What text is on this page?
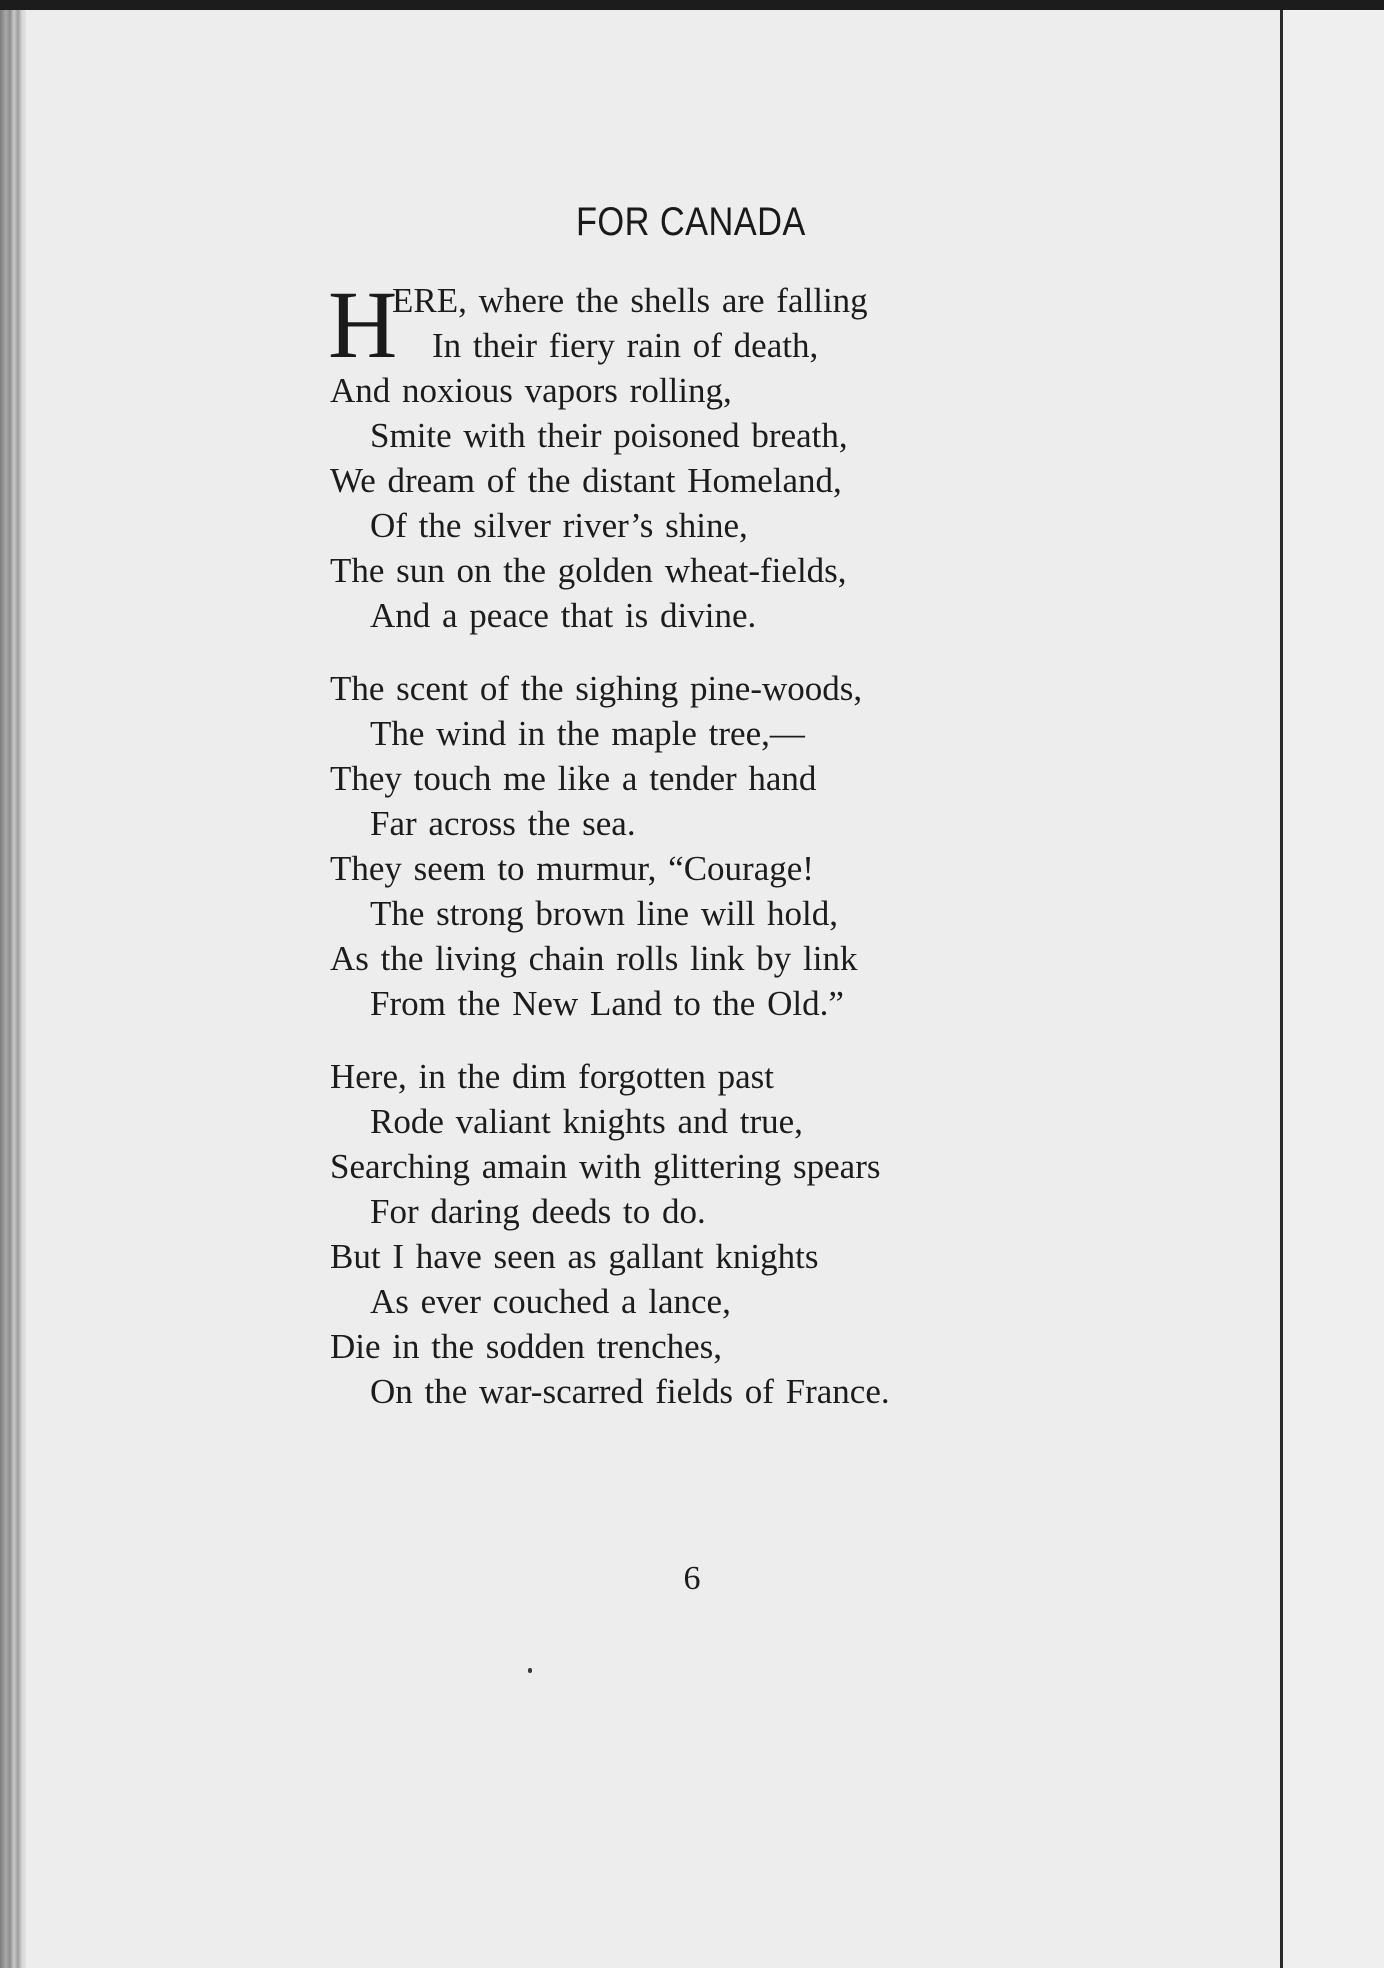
FOR CANADA
H
ERE, where the shells are falling
In their fiery rain of death,
And noxious vapors rolling,
Smite with their poisoned breath,
We dream of the distant Homeland,
Of the silver river’s shine,
The sun on the golden wheat-fields,
And a peace that is divine.
The scent of the sighing pine-woods,
The wind in the maple tree,—
They touch me like a tender hand
Far across the sea.
They seem to murmur, “Courage!
The strong brown line will hold,
As the living chain rolls link by link
From the New Land to the Old.”
Here, in the dim forgotten past
Rode valiant knights and true,
Searching amain with glittering spears
For daring deeds to do.
But I have seen as gallant knights
As ever couched a lance,
Die in the sodden trenches,
On the war-scarred fields of France.
6
